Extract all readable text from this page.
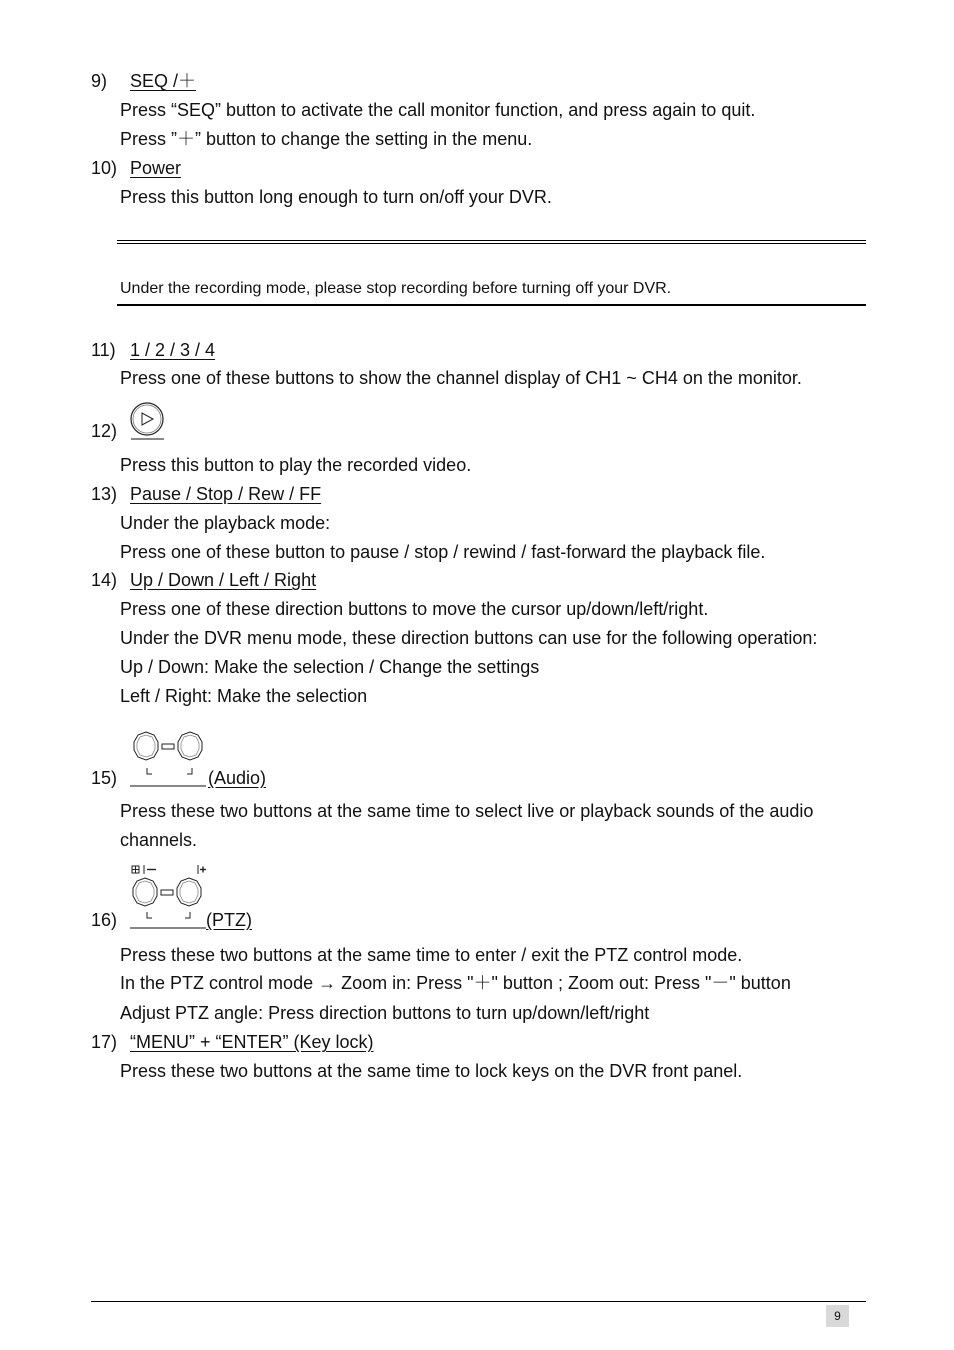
9) SEQ /＋
Press “SEQ” button to activate the call monitor function, and press again to quit.
Press ”＋” button to change the setting in the menu.
10) Power
Press this button long enough to turn on/off your DVR.
Under the recording mode, please stop recording before turning off your DVR.
11) 1 / 2 / 3 / 4
Press one of these buttons to show the channel display of CH1 ~ CH4 on the monitor.
12)
Press this button to play the recorded video.
13) Pause / Stop / Rew / FF
Under the playback mode:
Press one of these button to pause / stop / rewind / fast-forward the playback file.
14) Up / Down / Left / Right
Press one of these direction buttons to move the cursor up/down/left/right.
Under the DVR menu mode, these direction buttons can use for the following operation:
Up / Down: Make the selection / Change the settings
Left / Right: Make the selection
15)	(Audio)
Press these two buttons at the same time to select live or playback sounds of the audio
channels.
16)	(PTZ)
Press these two buttons at the same time to enter / exit the PTZ control mode.
In the PTZ control mode → Zoom in: Press "＋" button ; Zoom out: Press "－" button
Adjust PTZ angle: Press direction buttons to turn up/down/left/right
17) “MENU” + “ENTER” (Key lock)
Press these two buttons at the same time to lock keys on the DVR front panel.
9
